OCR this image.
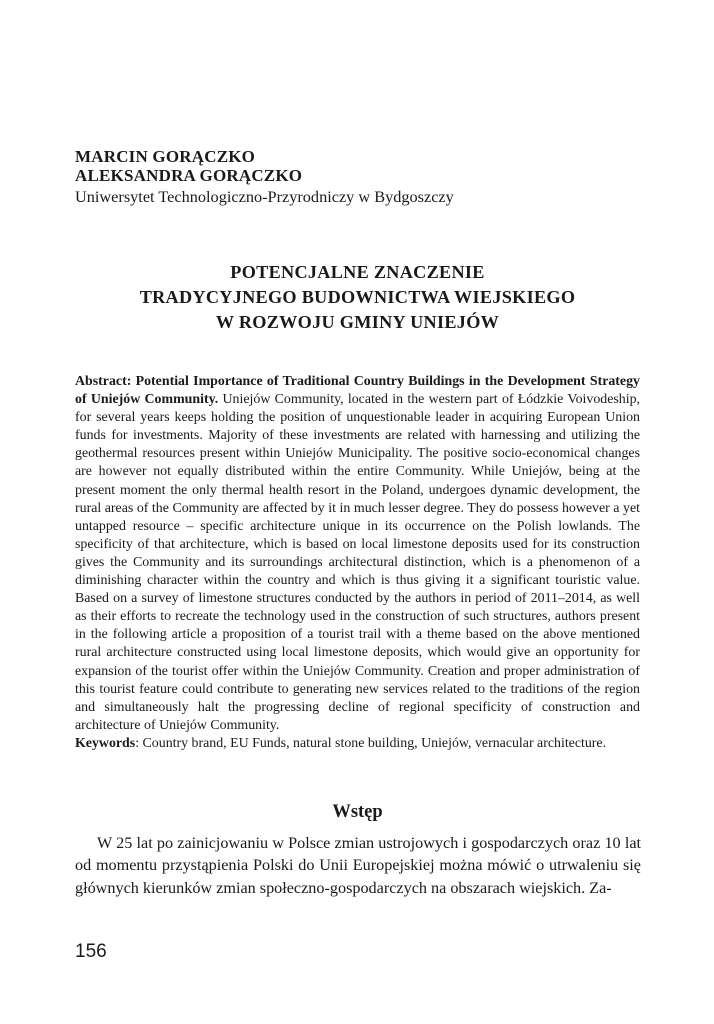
MARCIN GORĄCZKO
ALEKSANDRA GORĄCZKO
Uniwersytet Technologiczno-Przyrodniczy w Bydgoszczy
POTENCJALNE ZNACZENIE
TRADYCYJNEGO BUDOWNICTWA WIEJSKIEGO
W ROZWOJU GMINY UNIEJÓW
Abstract: Potential Importance of Traditional Country Buildings in the Development Strategy of Uniejów Community. Uniejów Community, located in the western part of Łódzkie Voivodeship, for several years keeps holding the position of unquestionable leader in acquiring European Union funds for investments. Majority of these investments are related with harnessing and utilizing the geothermal resources present within Uniejów Municipality. The positive socio-economical changes are however not equally distributed within the entire Community. While Uniejów, being at the present moment the only thermal health resort in the Poland, undergoes dynamic development, the rural areas of the Community are affected by it in much lesser degree. They do possess however a yet untapped resource – specific architecture unique in its occurrence on the Polish lowlands. The specificity of that architecture, which is based on local limestone deposits used for its construction gives the Community and its surroundings architectural distinction, which is a phenomenon of a diminishing character within the country and which is thus giving it a significant touristic value. Based on a survey of limestone structures conducted by the authors in period of 2011–2014, as well as their efforts to recreate the technology used in the construction of such structures, authors present in the following article a proposition of a tourist trail with a theme based on the above mentioned rural architecture constructed using local limestone deposits, which would give an opportunity for expansion of the tourist offer within the Uniejów Community. Creation and proper administration of this tourist feature could contribute to generating new services related to the traditions of the region and simultaneously halt the progressing decline of regional specificity of construction and architecture of Uniejów Community.
Keywords: Country brand, EU Funds, natural stone building, Uniejów, vernacular architecture.
Wstęp

W 25 lat po zainicjowaniu w Polsce zmian ustrojowych i gospodarczych oraz 10 lat od momentu przystąpienia Polski do Unii Europejskiej można mówić o utrwaleniu się głównych kierunków zmian społeczno-gospodarczych na obszarach wiejskich. Za-

156
